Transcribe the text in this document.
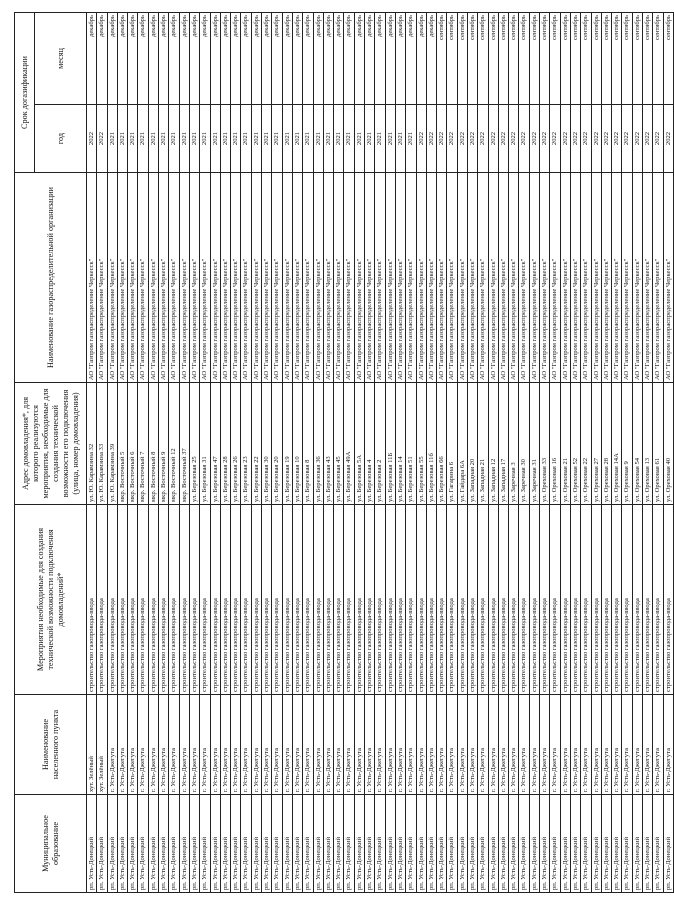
Муниципальное образование	Наименование населенного пункта	Мероприятия необходимые для создания технической возможности подключения домовладений*	Адрес домовладения*, для которого реализуются мероприятия, необходимые для создания технической возможности его подключения (улица, номер домовладения)	Наименование газораспределительной организации	Срок догазификации	
					год	месяц
рп. Усть-Донецкий	хут. Зелёный	строительство газопровода-ввода	ул. Ю. Карамзина 32	АО "Газпром газораспределение Черкесск"	2022	декабрь
рп. Усть-Донецкий	хут. Зелёный	строительство газопровода-ввода	ул. Ю. Карамзина 33	АО "Газпром газораспределение Черкесск"	2022	декабрь
рп. Усть-Донецкий	г. Усть-Джегута	строительство газопровода-ввода	ул. Ю. Карамзина 39	АО "Газпром газораспределение Черкесск"	2021	декабрь
рп. Усть-Донецкий	г. Усть-Джегута	строительство газопровода-ввода	мкр. Восточный 5	АО "Газпром газораспределение Черкесск"	2021	декабрь
рп. Усть-Донецкий	г. Усть-Джегута	строительство газопровода-ввода	мкр. Восточный 6	АО "Газпром газораспределение Черкесск"	2021	декабрь
рп. Усть-Донецкий	г. Усть-Джегута	строительство газопровода-ввода	мкр. Восточный 7	АО "Газпром газораспределение Черкесск"	2021	декабрь
рп. Усть-Донецкий	г. Усть-Джегута	строительство газопровода-ввода	мкр. Восточный 8	АО "Газпром газораспределение Черкесск"	2021	декабрь
рп. Усть-Донецкий	г. Усть-Джегута	строительство газопровода-ввода	мкр. Восточный 9	АО "Газпром газораспределение Черкесск"	2021	декабрь
рп. Усть-Донецкий	г. Усть-Джегута	строительство газопровода-ввода	мкр. Восточный 12	АО "Газпром газораспределение Черкесск"	2021	декабрь
рп. Усть-Донецкий	г. Усть-Джегута	строительство газопровода-ввода	мкр. Восточный 37	АО "Газпром газораспределение Черкесск"	2021	декабрь
рп. Усть-Донецкий	г. Усть-Джегута	строительство газопровода-ввода	ул. Березовая 25	АО "Газпром газораспределение Черкесск"	2021	декабрь
рп. Усть-Донецкий	г. Усть-Джегута	строительство газопровода-ввода	ул. Березовая 31	АО "Газпром газораспределение Черкесск"	2021	декабрь
рп. Усть-Донецкий	г. Усть-Джегута	строительство газопровода-ввода	ул. Березовая 47	АО "Газпром газораспределение Черкесск"	2021	декабрь
рп. Усть-Донецкий	г. Усть-Джегута	строительство газопровода-ввода	ул. Березовая 28	АО "Газпром газораспределение Черкесск"	2021	декабрь
рп. Усть-Донецкий	г. Усть-Джегута	строительство газопровода-ввода	ул. Березовая 26	АО "Газпром газораспределение Черкесск"	2021	декабрь
рп. Усть-Донецкий	г. Усть-Джегута	строительство газопровода-ввода	ул. Березовая 23	АО "Газпром газораспределение Черкесск"	2021	декабрь
рп. Усть-Донецкий	г. Усть-Джегута	строительство газопровода-ввода	ул. Березовая 22	АО "Газпром газораспределение Черкесск"	2021	декабрь
рп. Усть-Донецкий	г. Усть-Джегута	строительство газопровода-ввода	ул. Березовая 30	АО "Газпром газораспределение Черкесск"	2021	декабрь
рп. Усть-Донецкий	г. Усть-Джегута	строительство газопровода-ввода	ул. Березовая 20	АО "Газпром газораспределение Черкесск"	2021	декабрь
рп. Усть-Донецкий	г. Усть-Джегута	строительство газопровода-ввода	ул. Березовая 19	АО "Газпром газораспределение Черкесск"	2021	декабрь
рп. Усть-Донецкий	г. Усть-Джегута	строительство газопровода-ввода	ул. Березовая 10	АО "Газпром газораспределение Черкесск"	2021	декабрь
рп. Усть-Донецкий	г. Усть-Джегута	строительство газопровода-ввода	ул. Березовая 8	АО "Газпром газораспределение Черкесск"	2021	декабрь
рп. Усть-Донецкий	г. Усть-Джегута	строительство газопровода-ввода	ул. Березовая 36	АО "Газпром газораспределение Черкесск"	2021	декабрь
рп. Усть-Донецкий	г. Усть-Джегута	строительство газопровода-ввода	ул. Березовая 43	АО "Газпром газораспределение Черкесск"	2021	декабрь
рп. Усть-Донецкий	г. Усть-Джегута	строительство газопровода-ввода	ул. Березовая 45	АО "Газпром газораспределение Черкесск"	2021	декабрь
рп. Усть-Донецкий	г. Усть-Джегута	строительство газопровода-ввода	ул. Березовая 49А	АО "Газпром газораспределение Черкесск"	2021	декабрь
рп. Усть-Донецкий	г. Усть-Джегута	строительство газопровода-ввода	ул. Березовая 5А	АО "Газпром газораспределение Черкесск"	2021	декабрь
рп. Усть-Донецкий	г. Усть-Джегута	строительство газопровода-ввода	ул. Березовая 4	АО "Газпром газораспределение Черкесск"	2021	декабрь
рп. Усть-Донецкий	г. Усть-Джегута	строительство газопровода-ввода	ул. Березовая 2	АО "Газпром газораспределение Черкесск"	2021	декабрь
рп. Усть-Донецкий	г. Усть-Джегута	строительство газопровода-ввода	ул. Березовая 11Б	АО "Газпром газораспределение Черкесск"	2021	декабрь
рп. Усть-Донецкий	г. Усть-Джегута	строительство газопровода-ввода	ул. Березовая 14	АО "Газпром газораспределение Черкесск"	2021	декабрь
рп. Усть-Донецкий	г. Усть-Джегута	строительство газопровода-ввода	ул. Березовая 51	АО "Газпром газораспределение Черкесск"	2021	декабрь
рп. Усть-Донецкий	г. Усть-Джегута	строительство газопровода-ввода	ул. Березовая 55	АО "Газпром газораспределение Черкесск"	2022	декабрь
рп. Усть-Донецкий	г. Усть-Джегута	строительство газопровода-ввода	ул. Березовая 11б	АО "Газпром газораспределение Черкесск"	2022	декабрь
рп. Усть-Донецкий	г. Усть-Джегута	строительство газопровода-ввода	ул. Березовая 66	АО "Газпром газораспределение Черкесск"	2022	сентябрь
рп. Усть-Донецкий	г. Усть-Джегута	строительство газопровода-ввода	ул. Гагарина 6	АО "Газпром газораспределение Черкесск"	2022	сентябрь
рп. Усть-Донецкий	г. Усть-Джегута	строительство газопровода-ввода	ул. Гайдара 6А	АО "Газпром газораспределение Черкесск"	2022	сентябрь
рп. Усть-Донецкий	г. Усть-Джегута	строительство газопровода-ввода	ул. Западная 20	АО "Газпром газораспределение Черкесск"	2022	сентябрь
рп. Усть-Донецкий	г. Усть-Джегута	строительство газопровода-ввода	ул. Западная 21	АО "Газпром газораспределение Черкесск"	2022	сентябрь
рп. Усть-Донецкий	г. Усть-Джегута	строительство газопровода-ввода	ул. Западная 12	АО "Газпром газораспределение Черкесск"	2022	сентябрь
рп. Усть-Донецкий	г. Усть-Джегута	строительство газопровода-ввода	ул. Западная 17	АО "Газпром газораспределение Черкесск"	2022	сентябрь
рп. Усть-Донецкий	г. Усть-Джегута	строительство газопровода-ввода	ул. Заречная 3	АО "Газпром газораспределение Черкесск"	2022	сентябрь
рп. Усть-Донецкий	г. Усть-Джегута	строительство газопровода-ввода	ул. Заречная 30	АО "Газпром газораспределение Черкесск"	2022	сентябрь
рп. Усть-Донецкий	г. Усть-Джегута	строительство газопровода-ввода	ул. Заречная 31	АО "Газпром газораспределение Черкесск"	2022	сентябрь
рп. Усть-Донецкий	г. Усть-Джегута	строительство газопровода-ввода	ул. Ореховая 33	АО "Газпром газораспределение Черкесск"	2022	сентябрь
рп. Усть-Донецкий	г. Усть-Джегута	строительство газопровода-ввода	ул. Ореховая 16	АО "Газпром газораспределение Черкесск"	2022	сентябрь
рп. Усть-Донецкий	г. Усть-Джегута	строительство газопровода-ввода	ул. Ореховая 21	АО "Газпром газораспределение Черкесск"	2022	сентябрь
рп. Усть-Донецкий	г. Усть-Джегута	строительство газопровода-ввода	ул. Ореховая 52	АО "Газпром газораспределение Черкесск"	2022	сентябрь
рп. Усть-Донецкий	г. Усть-Джегута	строительство газопровода-ввода	ул. Ореховая 22	АО "Газпром газораспределение Черкесск"	2022	сентябрь
рп. Усть-Донецкий	г. Усть-Джегута	строительство газопровода-ввода	ул. Ореховая 27	АО "Газпром газораспределение Черкесск"	2022	сентябрь
рп. Усть-Донецкий	г. Усть-Джегута	строительство газопровода-ввода	ул. Ореховая 28	АО "Газпром газораспределение Черкесск"	2022	сентябрь
рп. Усть-Донецкий	г. Усть-Джегута	строительство газопровода-ввода	ул. Ореховая 14А	АО "Газпром газораспределение Черкесск"	2022	сентябрь
рп. Усть-Донецкий	г. Усть-Джегута	строительство газопровода-ввода	ул. Ореховая 9	АО "Газпром газораспределение Черкесск"	2022	сентябрь
рп. Усть-Донецкий	г. Усть-Джегута	строительство газопровода-ввода	ул. Ореховая 54	АО "Газпром газораспределение Черкесск"	2022	сентябрь
рп. Усть-Донецкий	г. Усть-Джегута	строительство газопровода-ввода	ул. Ореховая 13	АО "Газпром газораспределение Черкесск"	2022	сентябрь
рп. Усть-Донецкий	г. Усть-Джегута	строительство газопровода-ввода	ул. Ореховая 61	АО "Газпром газораспределение Черкесск"	2022	сентябрь
рп. Усть-Донецкий	г. Усть-Джегута	строительство газопровода-ввода	ул. Ореховая 40	АО "Газпром газораспределение Черкесск"	2022	сентябрь
